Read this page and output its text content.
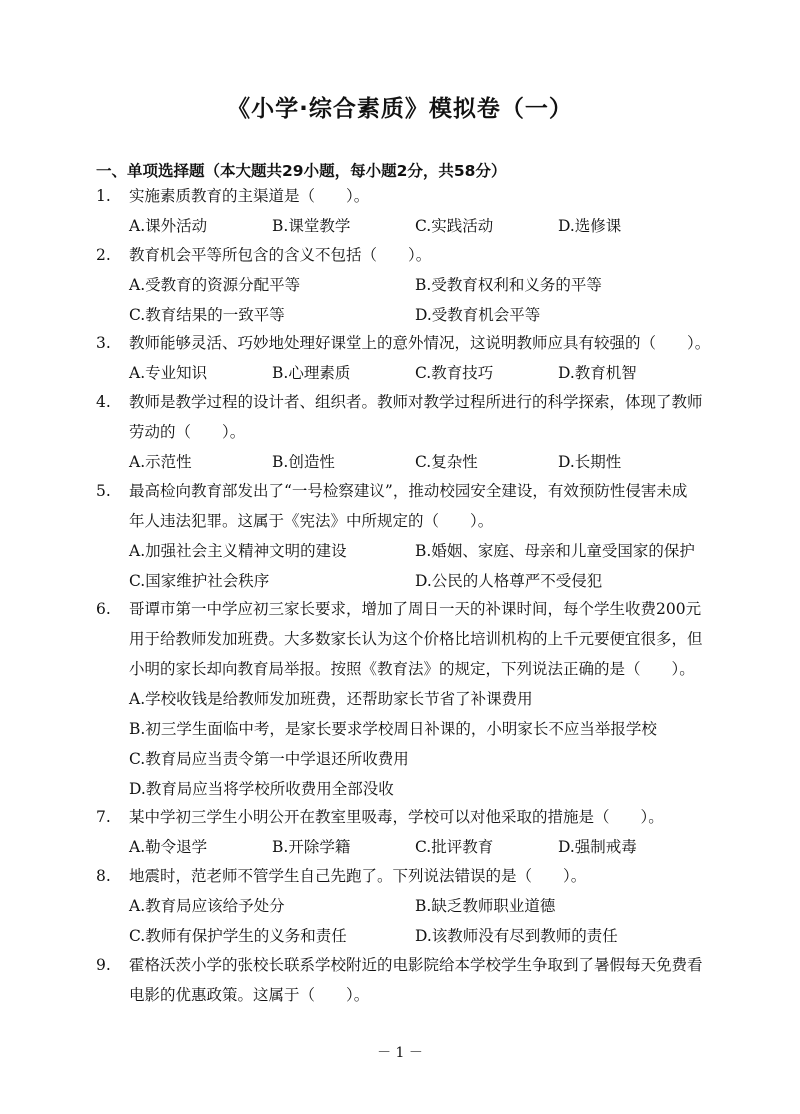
《小学·综合素质》模拟卷（一）
一、单项选择题（本大题共29小题，每小题2分，共58分）
1. 实施素质教育的主渠道是（　　）。
A.课外活动	B.课堂教学	C.实践活动	D.选修课
2. 教育机会平等所包含的含义不包括（　　）。
A.受教育的资源分配平等	B.受教育权利和义务的平等
C.教育结果的一致平等	D.受教育机会平等
3. 教师能够灵活、巧妙地处理好课堂上的意外情况，这说明教师应具有较强的（　　）。
A.专业知识	B.心理素质	C.教育技巧	D.教育机智
4. 教师是教学过程的设计者、组织者。教师对教学过程所进行的科学探索，体现了教师
劳动的（　　）。
A.示范性	B.创造性	C.复杂性	D.长期性
5. 最高检向教育部发出了“一号检察建议”，推动校园安全建设，有效预防性侵害未成
年人违法犯罪。这属于《宪法》中所规定的（　　）。
A.加强社会主义精神文明的建设	B.婚姻、家庭、母亲和儿童受国家的保护
C.国家维护社会秩序	D.公民的人格尊严不受侵犯
6. 哥谭市第一中学应初三家长要求，增加了周日一天的补课时间，每个学生收费200元
用于给教师发加班费。大多数家长认为这个价格比培训机构的上千元要便宜很多，但
小明的家长却向教育局举报。按照《教育法》的规定，下列说法正确的是（　　）。
A.学校收钱是给教师发加班费，还帮助家长节省了补课费用
B.初三学生面临中考，是家长要求学校周日补课的，小明家长不应当举报学校
C.教育局应当责令第一中学退还所收费用
D.教育局应当将学校所收费用全部没收
7. 某中学初三学生小明公开在教室里吸毒，学校可以对他采取的措施是（　　）。
A.勒令退学	B.开除学籍	C.批评教育	D.强制戒毒
8. 地震时，范老师不管学生自己先跑了。下列说法错误的是（　　）。
A.教育局应该给予处分	B.缺乏教师职业道德
C.教师有保护学生的义务和责任	D.该教师没有尽到教师的责任
9. 霍格沃茨小学的张校长联系学校附近的电影院给本学校学生争取到了暑假每天免费看
电影的优惠政策。这属于（　　）。
－ 1 －
